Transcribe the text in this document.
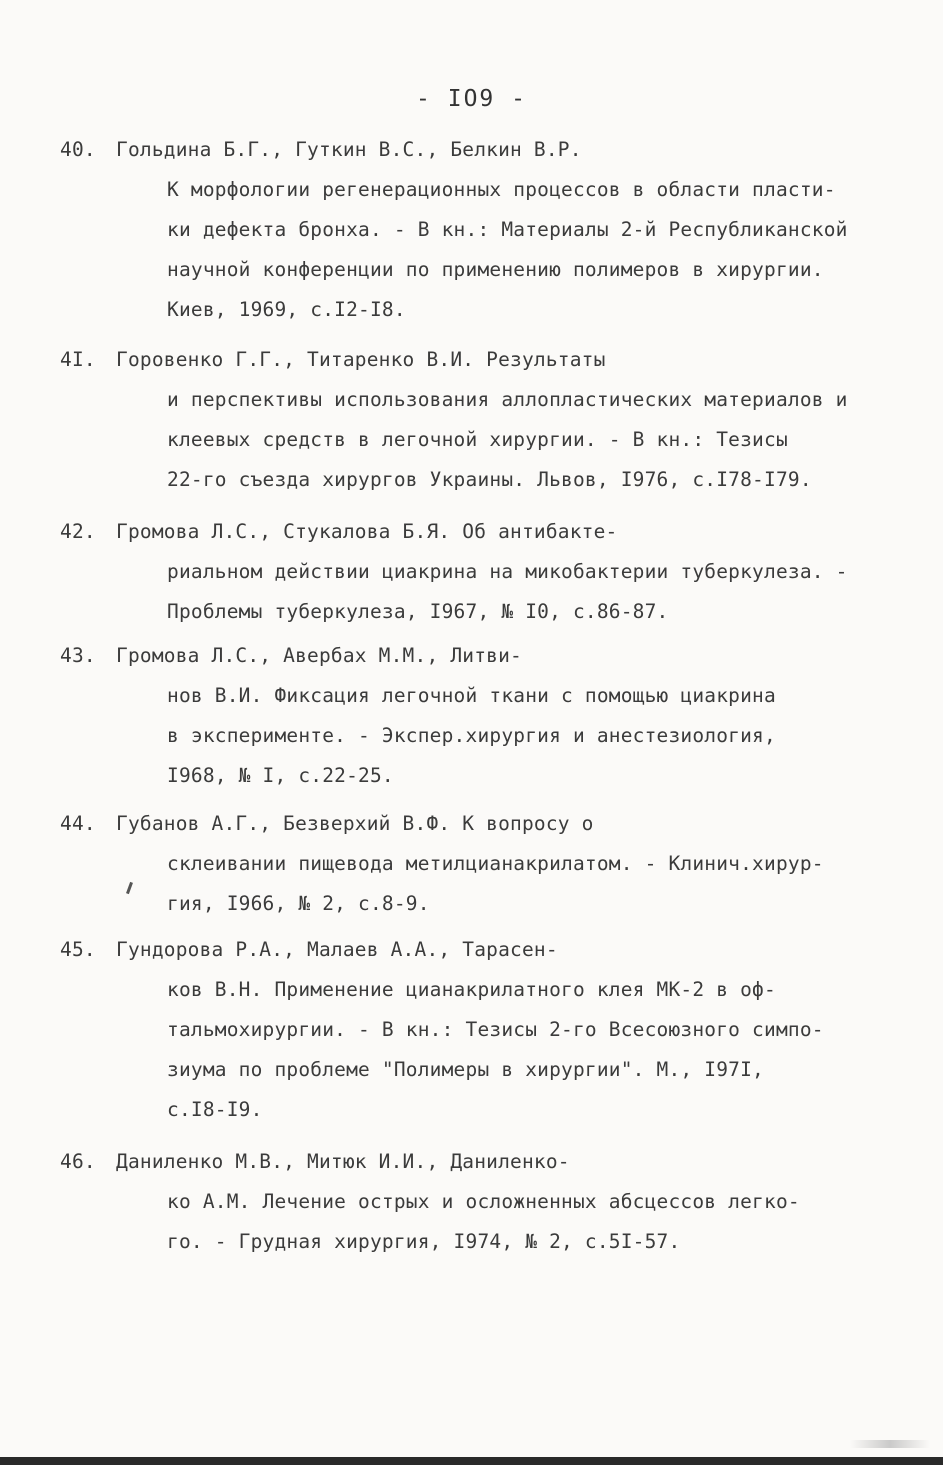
- IO9 -
40. Гольдина Б.Г., Гуткин В.С., Белкин В.Р.
К морфологии регенерационных процессов в области пласти-
ки дефекта бронха. - В кн.: Материалы 2-й Республиканской
научной конференции по применению полимеров в хирургии.
Киев, 1969, с.I2-I8.
4I. Горовенко Г.Г., Титаренко В.И. Результаты
и перспективы использования аллопластических материалов и
клеевых средств в легочной хирургии. - В кн.: Тезисы
22-го съезда хирургов Украины. Львов, I976, с.I78-I79.
42. Громова Л.С., Стукалова Б.Я. Об антибакте-
риальном действии циакрина на микобактерии туберкулеза. -
Проблемы туберкулеза, I967, № I0, с.86-87.
43. Громова Л.С., Авербах М.М., Литви-
нов В.И. Фиксация легочной ткани с помощью циакрина
в эксперименте. - Экспер.хирургия и анестезиология,
I968, № I, с.22-25.
44. Губанов А.Г., Безверхий В.Ф. К вопросу о
склеивании пищевода метилцианакрилатом. - Клинич.хирур-
гия, I966, № 2, с.8-9.
45. Гундорова Р.А., Малаев А.А., Тарасен-
ков В.Н. Применение цианакрилатного клея МК-2 в оф-
тальмохирургии. - В кн.: Тезисы 2-го Всесоюзного симпо-
зиума по проблеме "Полимеры в хирургии". М., I97I,
с.I8-I9.
46. Даниленко М.В., Митюк И.И., Даниленко-
ко А.М. Лечение острых и осложненных абсцессов легко-
го. - Грудная хирургия, I974, № 2, с.5I-57.
